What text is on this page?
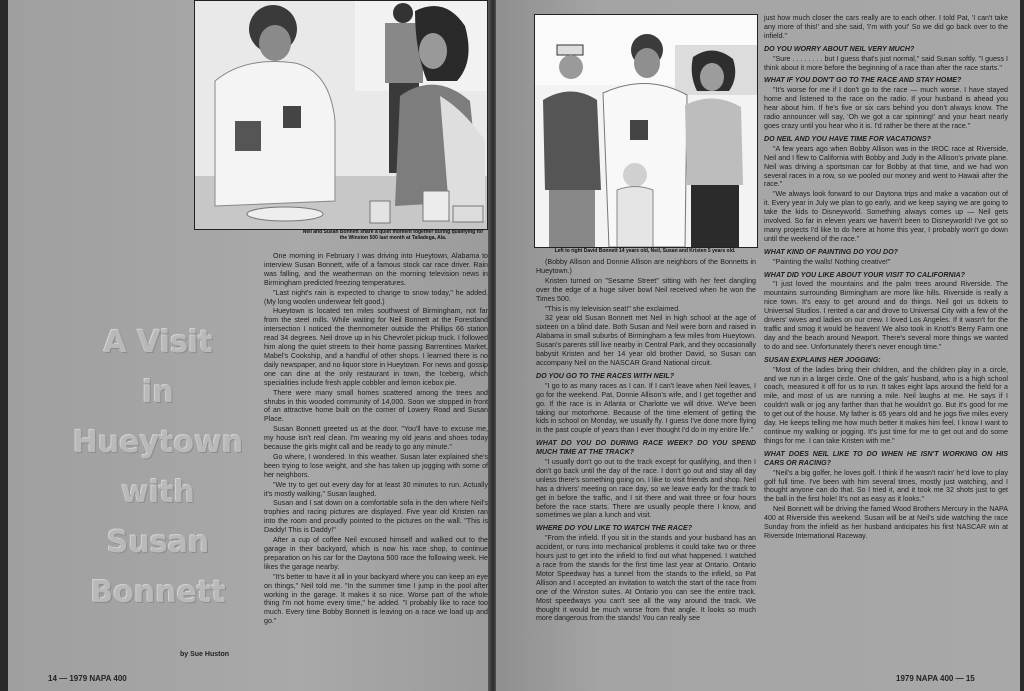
Neil and Susan Bonnett share a quiet moment together during qualifying for the Winston 500 last month at Talladega, Ala.
A Visit
in
Hueytown
with
Susan
Bonnett
by Sue Huston

One morning in February I was driving into Hueytown, Alabama to interview Susan Bonnett, wife of a famous stock car race driver. Rain was falling, and the weatherman on the morning television news in Birmingham predicted freezing temperatures.

"Last night's rain is expected to change to snow today," he added. (My long woolen underwear felt good.)

Hueytown is located ten miles southwest of Birmingham, not far from the steel mills. While waiting for Neil Bonnett at the Forestland intersection I noticed the thermometer outside the Phillips 66 station read 34 degrees. Neil drove up in his Chevrolet pickup truck. I followed him along the quiet streets to their home passing Barrentines Market, Mabel's Cookship, and a handful of other shops. I learned there is no daily newspaper, and no liquor store in Hueytown. For news and gossip one can dine at the only restaurant in town, the Iceberg, which specialities include fresh apple cobbler and lemon icebox pie.

There were many small homes scattered among the trees and shrubs in this wooded community of 14,000. Soon we stopped in front of an attractive home built on the corner of Lowery Road and Susan Place.

Susan Bonnett greeted us at the door. "You'll have to excuse me, my house isn't real clean. I'm wearing my old jeans and shoes today because the girls might call and be ready to go any minute."

Go where, I wondered. In this weather. Susan later explained she's been trying to lose weight, and she has taken up jogging with some of her neighbors.

"We try to get out every day for at least 30 minutes to run. Actually it's mostly walking," Susan laughed.

Susan and I sat down on a comfortable sofa in the den where Neil's trophies and racing pictures are displayed. Five year old Kristen ran into the room and proudly pointed to the pictures on the wall. "This is Daddy! This is Daddy!"

After a cup of coffee Neil excused himself and walked out to the garage in their backyard, which is now his race shop, to continue preparation on his car for the Daytona 500 race the following week. He likes the garage nearby.

"It's better to have it all in your backyard where you can keep an eye on things," Neil told me. "In the summer time I jump in the pool after working in the garage. It makes it so nice. Worse part of the whole thing I'm not home every time," he added. "I probably like to race too much. Every time Bobby Bonnett is leaving on a race we load up and go."

14 — 1979 NAPA 400
Left to right David Bonnett 14 years old, Neil, Susan and Kristen 5 years old.

(Bobby Allison and Donnie Allison are neighbors of the Bonnetts in Hueytown.)

Kristen turned on "Sesame Street" sitting with her feet dangling over the edge of a huge silver bowl Neil received when he won the Times 500.

"This is my television seat!" she exclaimed.

32 year old Susan Bonnett met Neil in high school at the age of sixteen on a blind date. Both Susan and Neil were born and raised in Alabama in small suburbs of Birmingham a few miles from Hueytown. Susan's parents still live nearby in Central Park, and they occasionally babysit Kristen and her 14 year old brother David, so Susan can accompany Neil on the NASCAR Grand National circuit.

DO YOU GO TO THE RACES WITH NEIL?

"I go to as many races as I can. If I can't leave when Neil leaves, I go for the weekend. Pat, Donnie Allison's wife, and I get together and go. If the race is in Atlanta or Charlotte we will drive. We've been taking our motorhome. Because of the time element of getting the kids in school on Monday, we usually fly. I guess I've done more flying in the past couple of years than I ever thought I'd do in my entire life."

WHAT DO YOU DO DURING RACE WEEK? DO YOU SPEND MUCH TIME AT THE TRACK?

"I usually don't go out to the track except for qualifying, and then I don't go back until the day of the race. I don't go out and stay all day unless there's something going on. I like to visit friends and shop. Neil has a drivers' meeting on race day, so we leave early for the track to get in before the traffic, and I sit there and wait three or four hours before the race starts. There are usually people there I know, and sometimes we plan a lunch and visit.

WHERE DO YOU LIKE TO WATCH THE RACE?

"From the infield. If you sit in the stands and your husband has an accident, or runs into mechanical problems it could take two or three hours just to get into the infield to find out what happened. I watched a race from the stands for the first time last year at Ontario. Ontario Motor Speedway has a tunnel from the stands to the infield, so Pat Allison and I accepted an invitation to watch the start of the race from one of the Winston suites. At Ontario you can see the entire track. Most speedways you can't see all the way around the track. We thought it would be much worse from that angle. It looks so much more dangerous from the stands! You can really see

just how much closer the cars really are to each other. I told Pat, 'I can't take any more of this!' and she said, 'I'm with you!' So we did go back over to the infield."

DO YOU WORRY ABOUT NEIL VERY MUCH?

"Sure . . . . . . . . but I guess that's just normal," said Susan softly. "I guess I think about it more before the beginning of a race than after the race starts."

WHAT IF YOU DON'T GO TO THE RACE AND STAY HOME?

"It's worse for me if I don't go to the race — much worse. I have stayed home and listened to the race on the radio. If your husband is ahead you hear about him. If he's five or six cars behind you don't always know. The radio announcer will say, 'Oh we got a car spinning!' and your heart nearly goes crazy until you hear who it is. I'd rather be there at the race."

DO NEIL AND YOU HAVE TIME FOR VACATIONS?

"A few years ago when Bobby Allison was in the IROC race at Riverside, Neil and I flew to California with Bobby and Judy in the Allison's private plane. Neil was driving a sportsman car for Bobby at that time, and we had won several races in a row, so we pooled our money and went to Hawaii after the race."

"We always look forward to our Daytona trips and make a vacation out of it. Every year in July we plan to go early, and we keep saying we are going to take the kids to Disneyworld. Something always comes up — Neil gets involved. So far in eleven years we haven't been to Disneyworld! I've got so many projects I'd like to do here at home this year, I probably won't go down until the weekend of the race."

WHAT KIND OF PAINTING DO YOU DO?

"Painting the walls! Nothing creative!"

WHAT DID YOU LIKE ABOUT YOUR VISIT TO CALIFORNIA?

"I just loved the mountains and the palm trees around Riverside. The mountains surrounding Birmingham are more like hills. Riverside is really a nice town. It's easy to get around and do things. Neil got us tickets to Universal Studios. I rented a car and drove to Universal City with a few of the drivers' wives and ladies on our crew. I loved Los Angeles. If it wasn't for the traffic and smog it would be heaven! We also took in Knott's Berry Farm one day and the beach around Newport. There's several more things we wanted to do and see. Unfortunately there's never enough time."

SUSAN EXPLAINS HER JOGGING:

"Most of the ladies bring their children, and the children play in a circle, and we run in a larger circle. One of the gals' husband, who is a high school coach, measured it off for us to run. It takes eight laps around the field for a mile, and most of us are running a mile. Neil laughs at me. He says if I couldn't walk or jog any farther than that he wouldn't go. But it's good for me to get out of the house. My father is 65 years old and he jogs five miles every day. He keeps telling me how much better it makes him feel. I know I want to continue my walking or jogging. It's just time for me to get out and do some things for me. I can take Kristen with me."

WHAT DOES NEIL LIKE TO DO WHEN HE ISN'T WORKING ON HIS CARS OR RACING?

"Neil's a big golfer, he loves golf. I think if he wasn't racin' he'd love to play golf full time. I've been with him several times, mostly just watching, and I thought anyone can do that. So I tried it, and it took me 32 shots just to get the ball in the first hole! It's not as easy as it looks."

Neil Bonnett will be driving the famed Wood Brothers Mercury in the NAPA 400 at Riverside this weekend. Susan will be at Neil's side watching the race Sunday from the infield as her husband anticipates his first NASCAR win at Riverside International Raceway.

1979 NAPA 400 — 15
